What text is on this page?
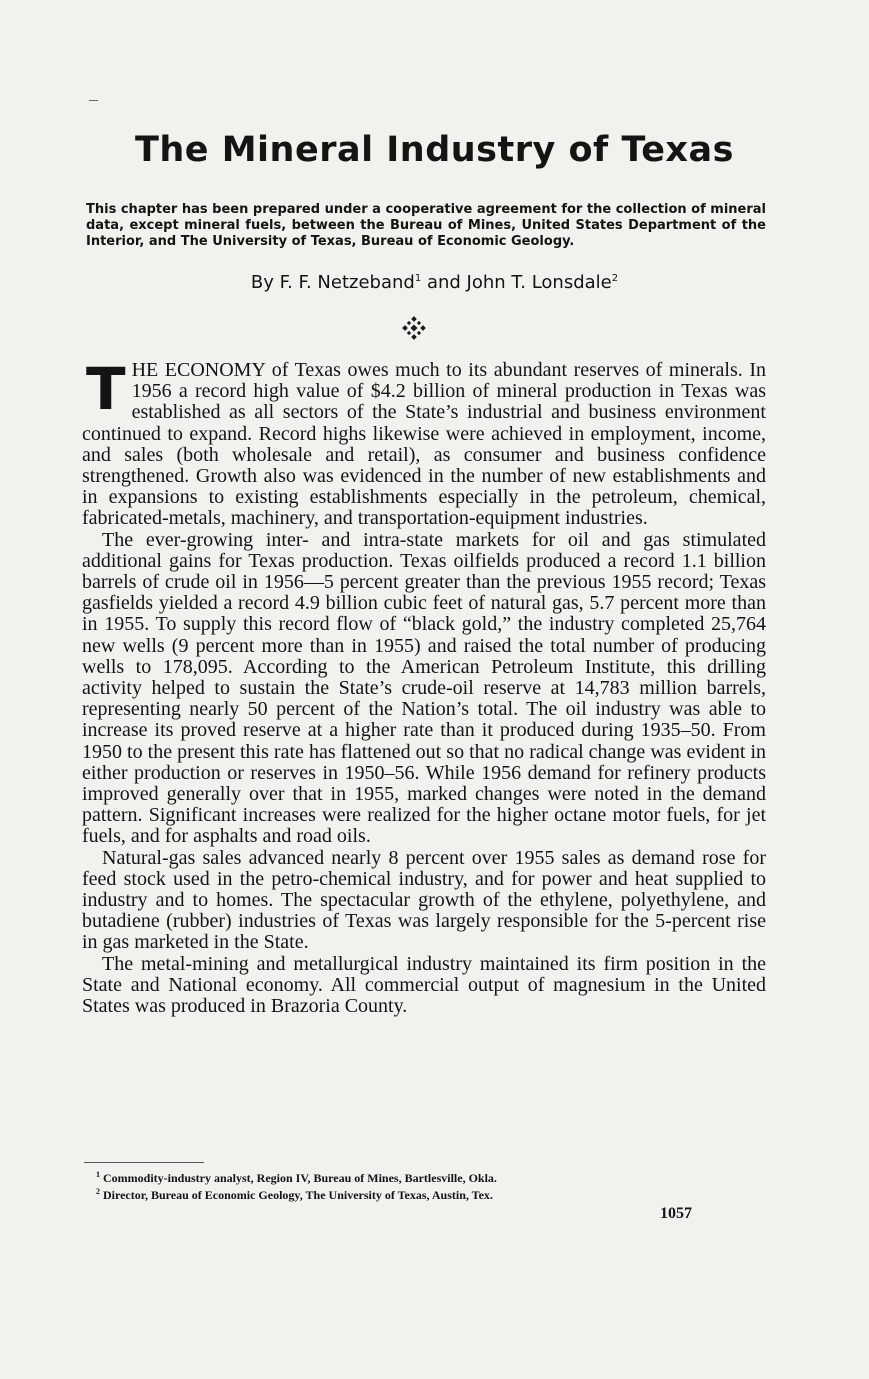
The Mineral Industry of Texas

This chapter has been prepared under a cooperative agreement for the collection of mineral data, except mineral fuels, between the Bureau of Mines, United States Department of the Interior, and The University of Texas, Bureau of Economic Geology.

By F. F. Netzeband$^1$ and John T. Lonsdale$^2$

THE ECONOMY of Texas owes much to its abundant reserves of minerals. In 1956 a record high value of $4.2 billion of mineral production in Texas was established as all sectors of the State’s industrial and business environment continued to expand. Record highs likewise were achieved in employment, income, and sales (both wholesale and retail), as consumer and business confidence strengthened. Growth also was evidenced in the number of new establishments and in expansions to existing establishments especially in the petroleum, chemical, fabricated-metals, machinery, and transportation-equipment industries.

The ever-growing inter- and intra-state markets for oil and gas stimulated additional gains for Texas production. Texas oilfields produced a record 1.1 billion barrels of crude oil in 1956—5 percent greater than the previous 1955 record; Texas gasfields yielded a record 4.9 billion cubic feet of natural gas, 5.7 percent more than in 1955. To supply this record flow of “black gold,” the industry completed 25,764 new wells (9 percent more than in 1955) and raised the total number of producing wells to 178,095. According to the American Petroleum Institute, this drilling activity helped to sustain the State’s crude-oil reserve at 14,783 million barrels, representing nearly 50 percent of the Nation’s total. The oil industry was able to increase its proved reserve at a higher rate than it produced during 1935–50. From 1950 to the present this rate has flattened out so that no radical change was evident in either production or reserves in 1950–56. While 1956 demand for refinery products improved generally over that in 1955, marked changes were noted in the demand pattern. Significant increases were realized for the higher octane motor fuels, for jet fuels, and for asphalts and road oils.

Natural-gas sales advanced nearly 8 percent over 1955 sales as demand rose for feed stock used in the petro-chemical industry, and for power and heat supplied to industry and to homes. The spectacular growth of the ethylene, polyethylene, and butadiene (rubber) industries of Texas was largely responsible for the 5-percent rise in gas marketed in the State.

The metal-mining and metallurgical industry maintained its firm position in the State and National economy. All commercial output of magnesium in the United States was produced in Brazoria County.

$^1$ Commodity-industry analyst, Region IV, Bureau of Mines, Bartlesville, Okla.
$^2$ Director, Bureau of Economic Geology, The University of Texas, Austin, Tex.
1057
